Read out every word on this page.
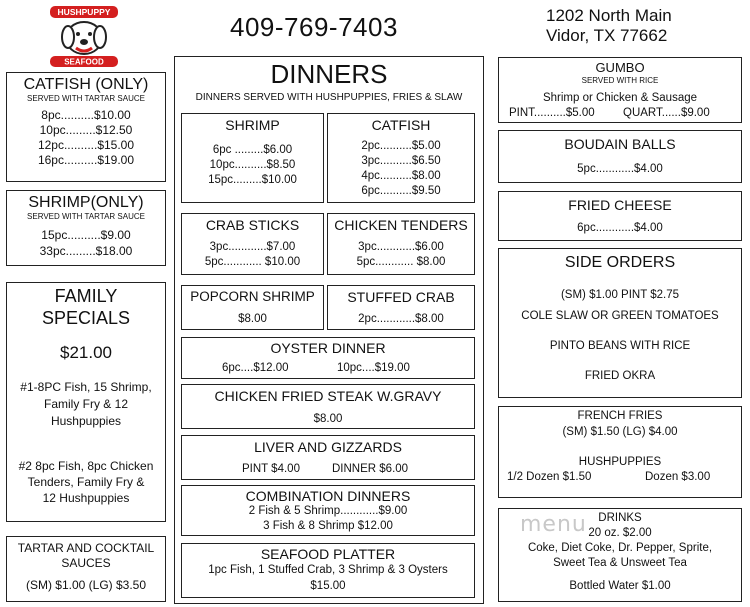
HUSHPUPPY
SEAFOOD
409-769-7403	1202 North Main
Vidor, TX 77662
CATFISH (ONLY)
SERVED WITH TARTAR SAUCE
8pc..........$10.00
10pc.........$12.50
12pc..........$15.00
16pc..........$19.00
SHRIMP(ONLY)
SERVED WITH TARTAR SAUCE
15pc..........$9.00
33pc.........$18.00
FAMILY
SPECIALS
$21.00
#1-8PC Fish, 15 Shrimp,
Family Fry & 12
Hushpuppies
#2 8pc Fish, 8pc Chicken
Tenders, Family Fry &
12 Hushpuppies
TARTAR AND COCKTAIL
SAUCES
(SM) $1.00 (LG) $3.50
DINNERS
DINNERS SERVED WITH HUSHPUPPIES, FRIES & SLAW
SHRIMP
6pc .........$6.00
10pc..........$8.50
15pc.........$10.00
CATFISH
2pc..........$5.00
3pc..........$6.50
4pc..........$8.00
6pc..........$9.50
CRAB STICKS
3pc............$7.00
5pc............ $10.00
CHICKEN TENDERS
3pc............$6.00
5pc............ $8.00
POPCORN SHRIMP
$8.00
STUFFED CRAB
2pc............$8.00
OYSTER DINNER
6pc....$12.00	10pc....$19.00
CHICKEN FRIED STEAK W.GRAVY
$8.00
LIVER AND GIZZARDS
PINT $4.00	DINNER $6.00
COMBINATION DINNERS
2 Fish & 5 Shrimp............$9.00
3 Fish & 8 Shrimp $12.00
SEAFOOD PLATTER
1pc Fish, 1 Stuffed Crab, 3 Shrimp & 3 Oysters
$15.00
GUMBO
SERVED WITH RICE
Shrimp or Chicken & Sausage
PINT..........$5.00 QUART......$9.00
BOUDAIN BALLS
5pc............$4.00
FRIED CHEESE
6pc............$4.00
SIDE ORDERS
(SM) $1.00 PINT $2.75
COLE SLAW OR GREEN TOMATOES
PINTO BEANS WITH RICE
FRIED OKRA
FRENCH FRIES
(SM) $1.50 (LG) $4.00
HUSHPUPPIES
1/2 Dozen $1.50	Dozen $3.00
DRINKS
20 oz. $2.00
Coke, Diet Coke, Dr. Pepper, Sprite,
Sweet Tea & Unsweet Tea
Bottled Water $1.00
menu
